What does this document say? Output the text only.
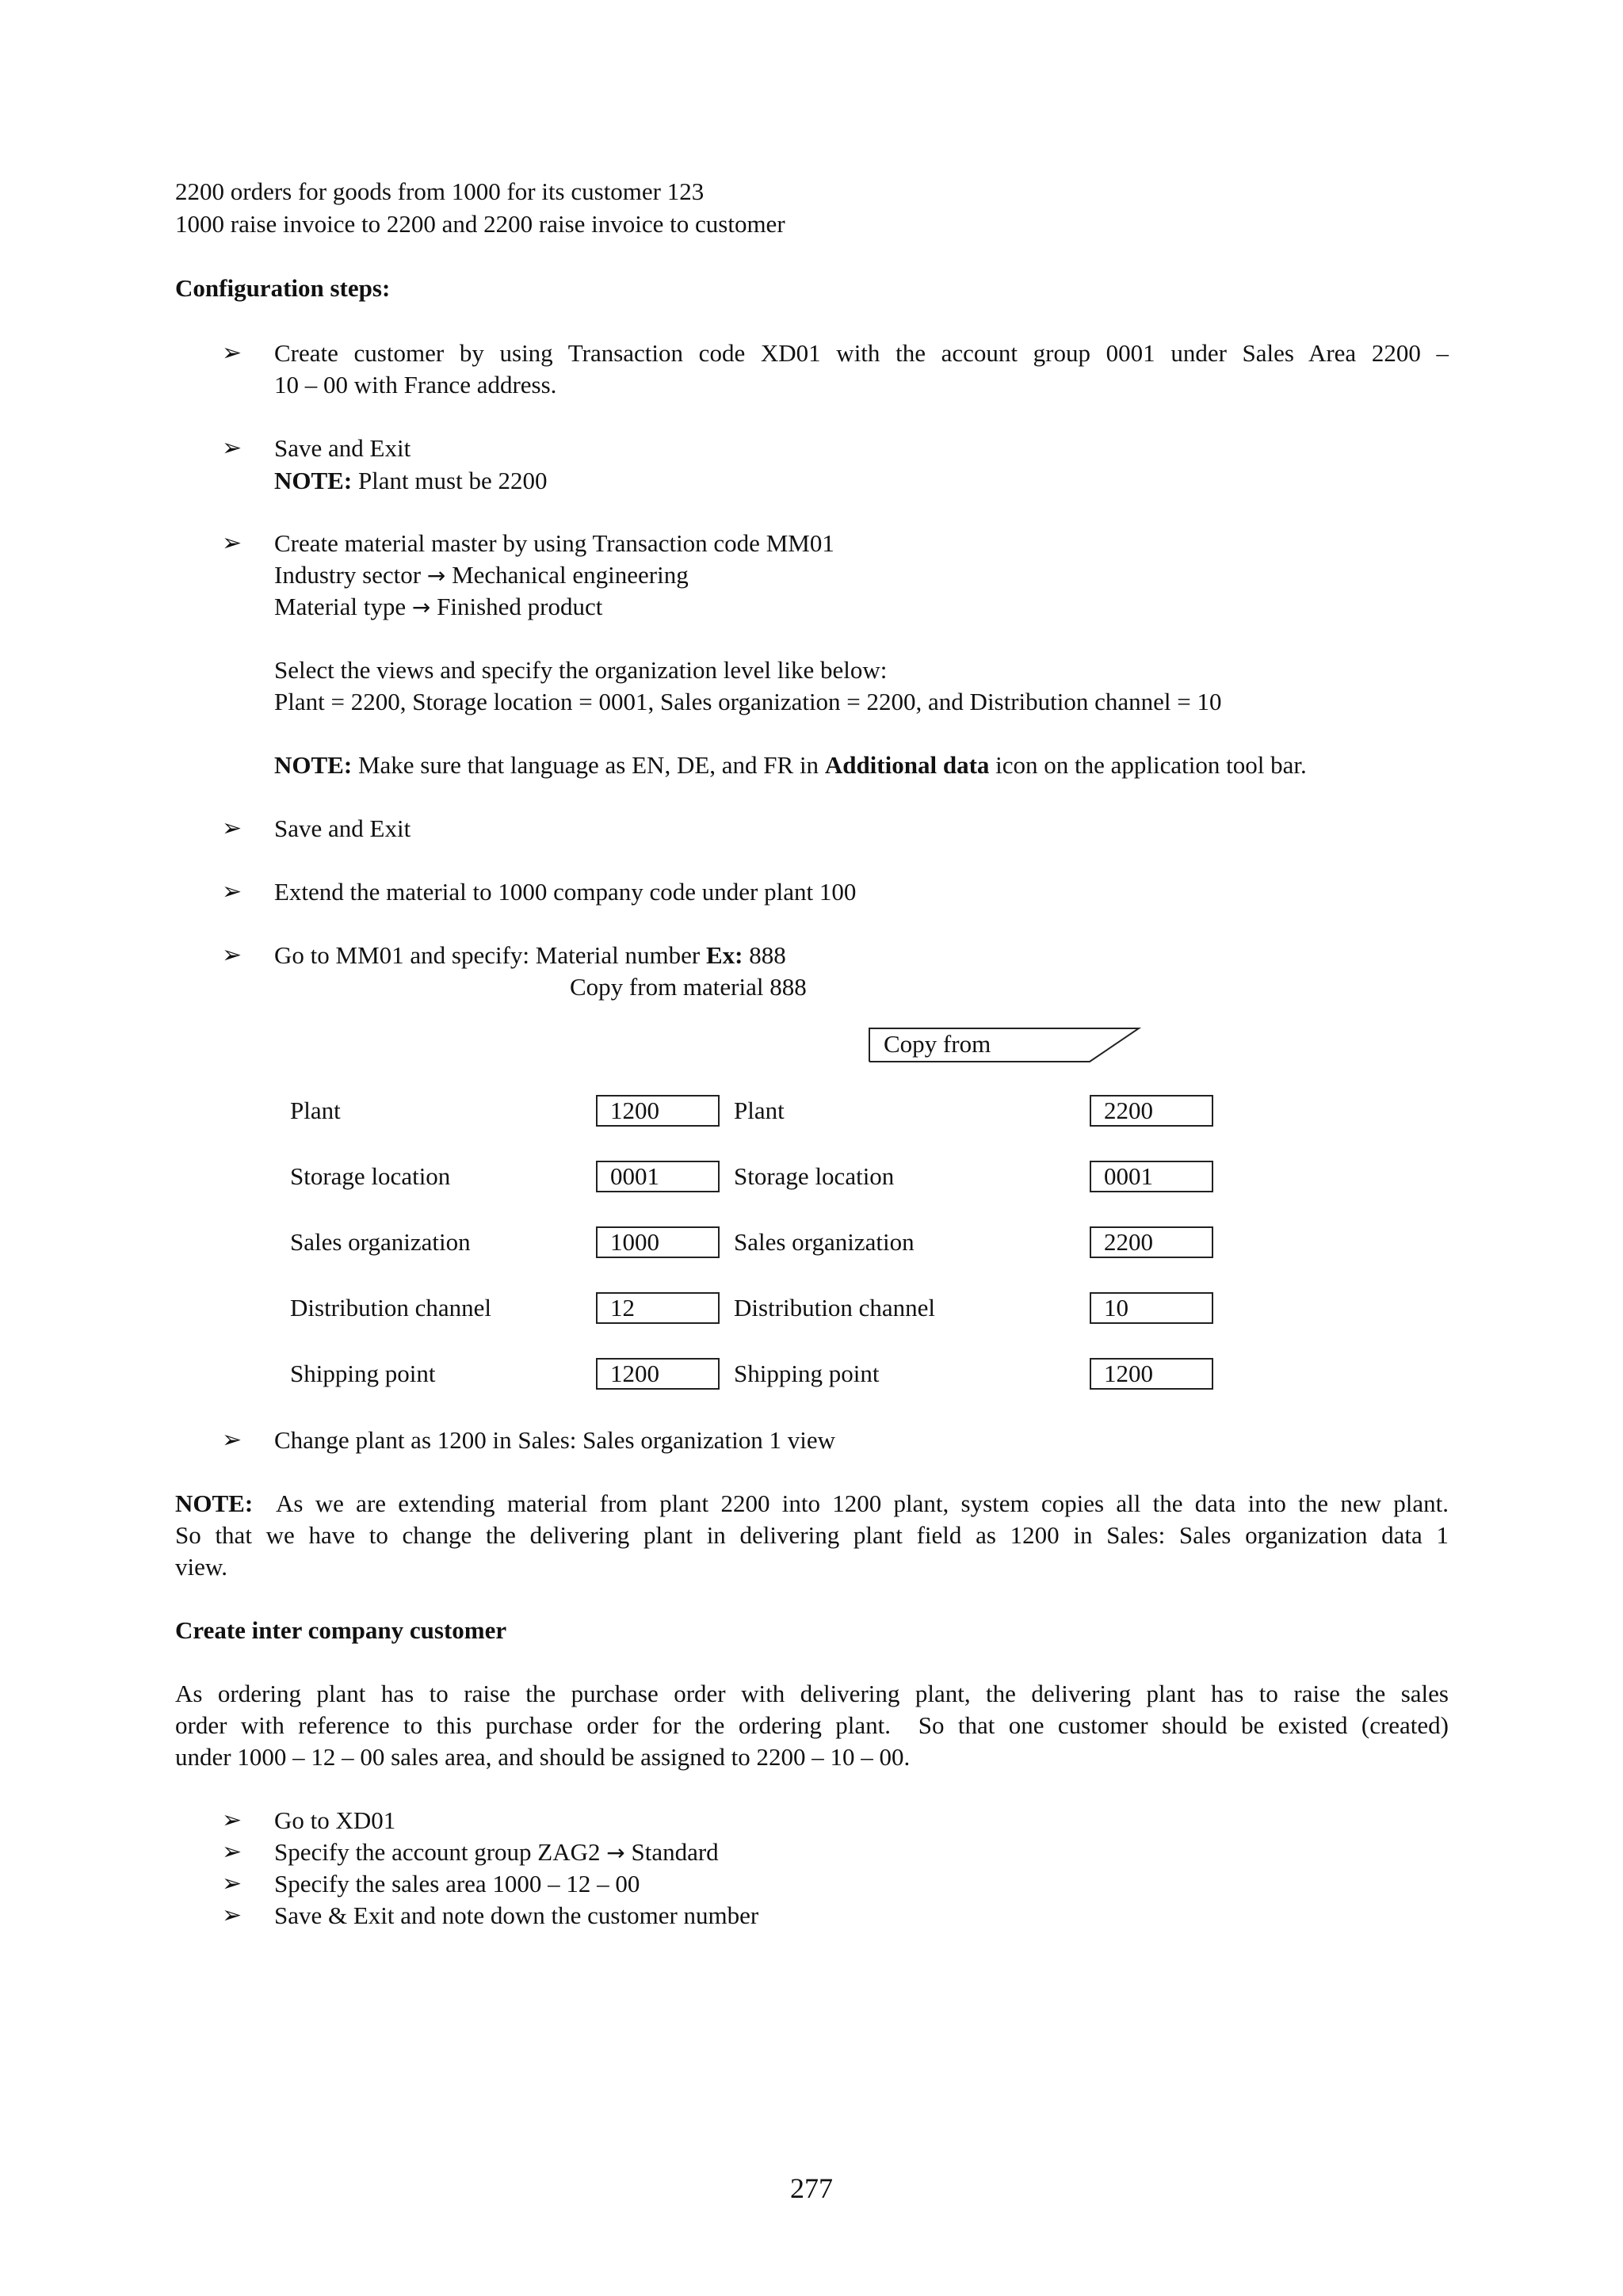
2200 orders for goods from 1000 for its customer 123
1000 raise invoice to 2200 and 2200 raise invoice to customer
Configuration steps:
➢ Create customer by using Transaction code XD01 with the account group 0001 under Sales Area 2200 –
10 – 00 with France address.
➢ Save and Exit
NOTE: Plant must be 2200
➢ Create material master by using Transaction code MM01
Industry sector → Mechanical engineering
Material type → Finished product
Select the views and specify the organization level like below:
Plant = 2200, Storage location = 0001, Sales organization = 2200, and Distribution channel = 10
NOTE: Make sure that language as EN, DE, and FR in Additional data icon on the application tool bar.
➢ Save and Exit
➢ Extend the material to 1000 company code under plant 100
➢ Go to MM01 and specify: Material number Ex: 888
Copy from material 888
Copy from
Plant	1200	Plant	2200
Storage location	0001	Storage location	0001
Sales organization	1000	Sales organization	2200
Distribution channel	12	Distribution channel	10
Shipping point	1200	Shipping point	1200
➢ Change plant as 1200 in Sales: Sales organization 1 view
NOTE:  As we are extending material from plant 2200 into 1200 plant, system copies all the data into the new plant.
So that we have to change the delivering plant in delivering plant field as 1200 in Sales: Sales organization data 1
view.
Create inter company customer
As ordering plant has to raise the purchase order with delivering plant, the delivering plant has to raise the sales
order with reference to this purchase order for the ordering plant.  So that one customer should be existed (created)
under 1000 – 12 – 00 sales area, and should be assigned to 2200 – 10 – 00.
➢ Go to XD01
➢ Specify the account group ZAG2 → Standard
➢ Specify the sales area 1000 – 12 – 00
➢ Save & Exit and note down the customer number
277
